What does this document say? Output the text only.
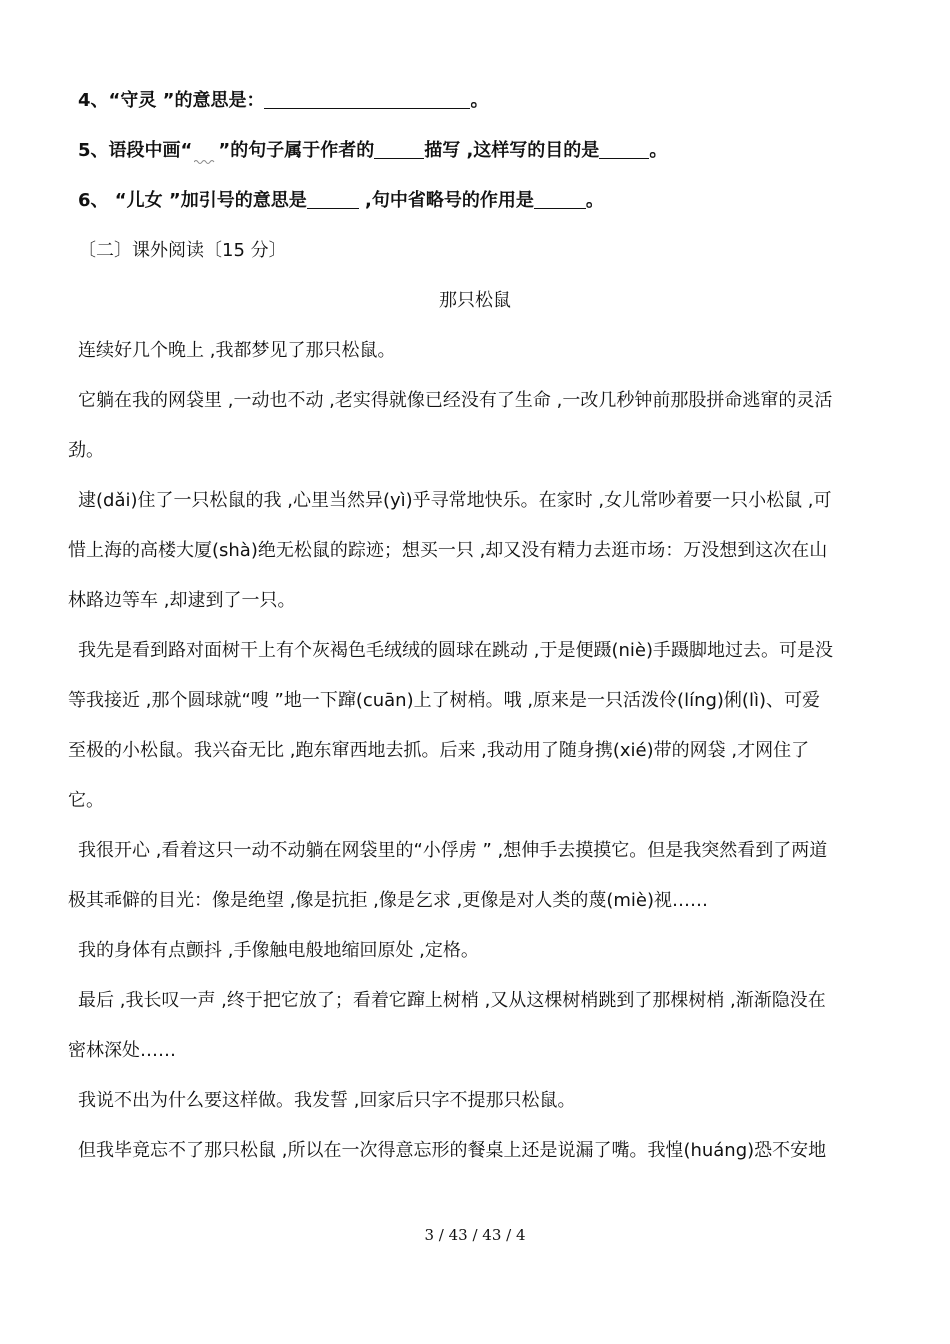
4、“守灵 ”的意思是：	。
5、语段中画“ ”的句子属于作者的	描写 ,这样写的目的是	。
6、 “儿女 ”加引号的意思是	,句中省略号的作用是	。
〔二〕课外阅读〔15 分〕
那只松鼠
连续好几个晚上 ,我都梦见了那只松鼠。
它躺在我的网袋里 ,一动也不动 ,老实得就像已经没有了生命 ,一改几秒钟前那股拼命逃窜的灵活
劲。
逮(dǎi)住了一只松鼠的我 ,心里当然异(yì)乎寻常地快乐。在家时 ,女儿常吵着要一只小松鼠 ,可
惜上海的高楼大厦(shà)绝无松鼠的踪迹；想买一只 ,却又没有精力去逛市场：万没想到这次在山
林路边等车 ,却逮到了一只。
我先是看到路对面树干上有个灰褐色毛绒绒的圆球在跳动 ,于是便蹑(niè)手蹑脚地过去。可是没
等我接近 ,那个圆球就“嗖 ”地一下蹿(cuān)上了树梢。哦 ,原来是一只活泼伶(líng)俐(lì)、可爱
至极的小松鼠。我兴奋无比 ,跑东窜西地去抓。后来 ,我动用了随身携(xié)带的网袋 ,才网住了
它。
我很开心 ,看着这只一动不动躺在网袋里的“小俘虏 ” ,想伸手去摸摸它。但是我突然看到了两道
极其乖僻的目光：像是绝望 ,像是抗拒 ,像是乞求 ,更像是对人类的蔑(miè)视……
我的身体有点颤抖 ,手像触电般地缩回原处 ,定格。
最后 ,我长叹一声 ,终于把它放了；看着它蹿上树梢 ,又从这棵树梢跳到了那棵树梢 ,渐渐隐没在
密林深处……
我说不出为什么要这样做。我发誓 ,回家后只字不提那只松鼠。
但我毕竟忘不了那只松鼠 ,所以在一次得意忘形的餐桌上还是说漏了嘴。我惶(huáng)恐不安地
3 / 43 / 43 / 4
